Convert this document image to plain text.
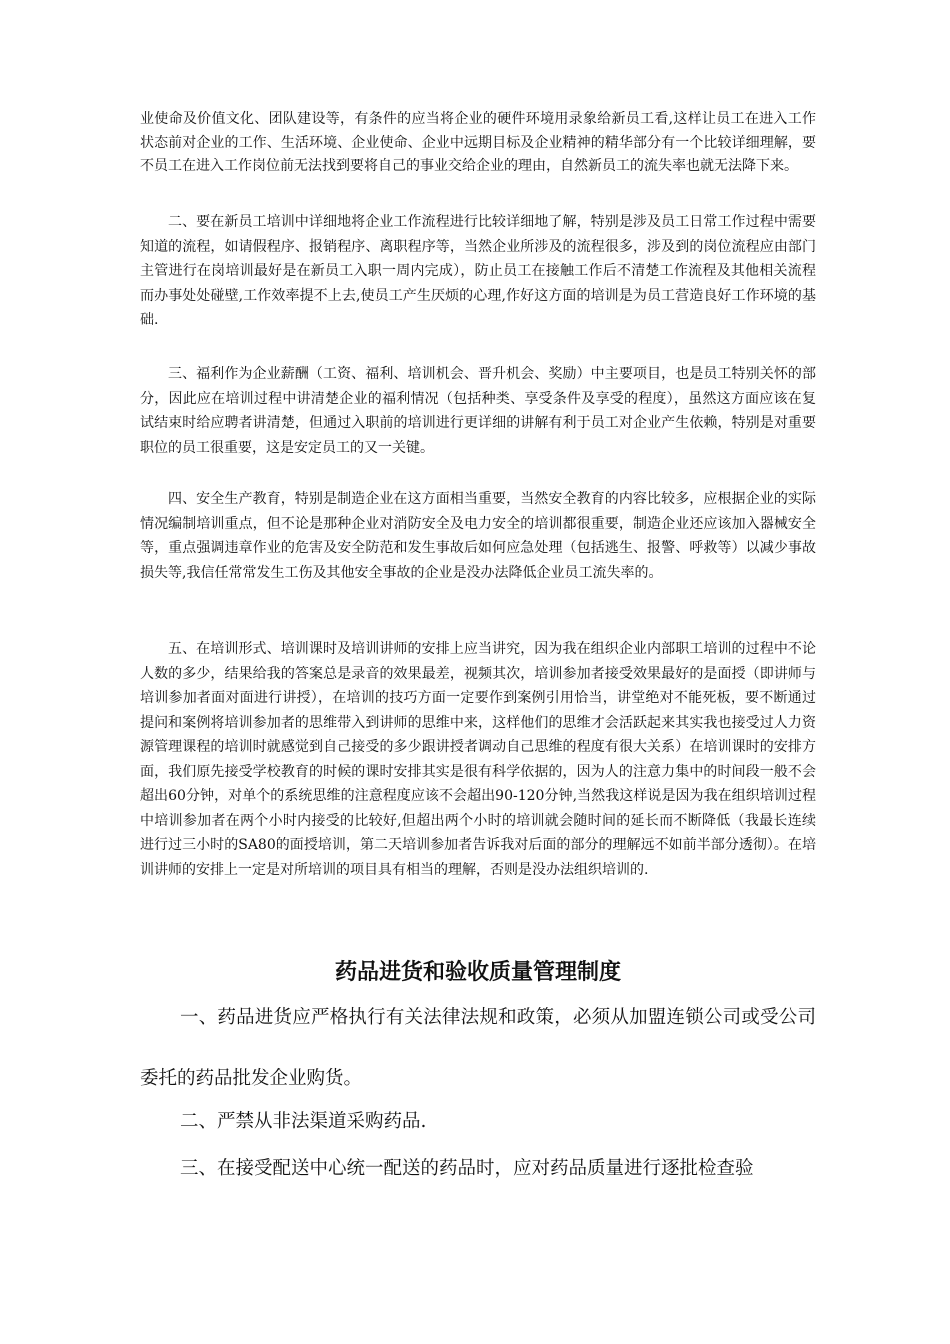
业使命及价值文化、团队建设等，有条件的应当将企业的硬件环境用录象给新员工看,这样让员工在进入工作状态前对企业的工作、生活环境、企业使命、企业中远期目标及企业精神的精华部分有一个比较详细理解，要不员工在进入工作岗位前无法找到要将自己的事业交给企业的理由，自然新员工的流失率也就无法降下来。

二、要在新员工培训中详细地将企业工作流程进行比较详细地了解，特别是涉及员工日常工作过程中需要知道的流程，如请假程序、报销程序、离职程序等，当然企业所涉及的流程很多，涉及到的岗位流程应由部门主管进行在岗培训最好是在新员工入职一周内完成），防止员工在接触工作后不清楚工作流程及其他相关流程而办事处处碰壁,工作效率提不上去,使员工产生厌烦的心理,作好这方面的培训是为员工营造良好工作环境的基础.

三、福利作为企业薪酬（工资、福利、培训机会、晋升机会、奖励）中主要项目，也是员工特别关怀的部分，因此应在培训过程中讲清楚企业的福利情况（包括种类、享受条件及享受的程度），虽然这方面应该在复试结束时给应聘者讲清楚，但通过入职前的培训进行更详细的讲解有利于员工对企业产生依赖，特别是对重要职位的员工很重要，这是安定员工的又一关键。

四、安全生产教育，特别是制造企业在这方面相当重要，当然安全教育的内容比较多，应根据企业的实际情况编制培训重点，但不论是那种企业对消防安全及电力安全的培训都很重要，制造企业还应该加入器械安全等，重点强调违章作业的危害及安全防范和发生事故后如何应急处理（包括逃生、报警、呼救等）以减少事故损失等,我信任常常发生工伤及其他安全事故的企业是没办法降低企业员工流失率的。

五、在培训形式、培训课时及培训讲师的安排上应当讲究，因为我在组织企业内部职工培训的过程中不论人数的多少，结果给我的答案总是录音的效果最差，视频其次，培训参加者接受效果最好的是面授（即讲师与培训参加者面对面进行讲授），在培训的技巧方面一定要作到案例引用恰当，讲堂绝对不能死板，要不断通过提问和案例将培训参加者的思维带入到讲师的思维中来，这样他们的思维才会活跃起来其实我也接受过人力资源管理课程的培训时就感觉到自己接受的多少跟讲授者调动自己思维的程度有很大关系）在培训课时的安排方面，我们原先接受学校教育的时候的课时安排其实是很有科学依据的，因为人的注意力集中的时间段一般不会超出60分钟，对单个的系统思维的注意程度应该不会超出90-120分钟,当然我这样说是因为我在组织培训过程中培训参加者在两个小时内接受的比较好,但超出两个小时的培训就会随时间的延长而不断降低（我最长连续进行过三小时的SA80的面授培训，第二天培训参加者告诉我对后面的部分的理解远不如前半部分透彻）。在培训讲师的安排上一定是对所培训的项目具有相当的理解，否则是没办法组织培训的.

药品进货和验收质量管理制度

一、药品进货应严格执行有关法律法规和政策，必须从加盟连锁公司或受公司委托的药品批发企业购货。

二、严禁从非法渠道采购药品.

三、在接受配送中心统一配送的药品时，应对药品质量进行逐批检查验
